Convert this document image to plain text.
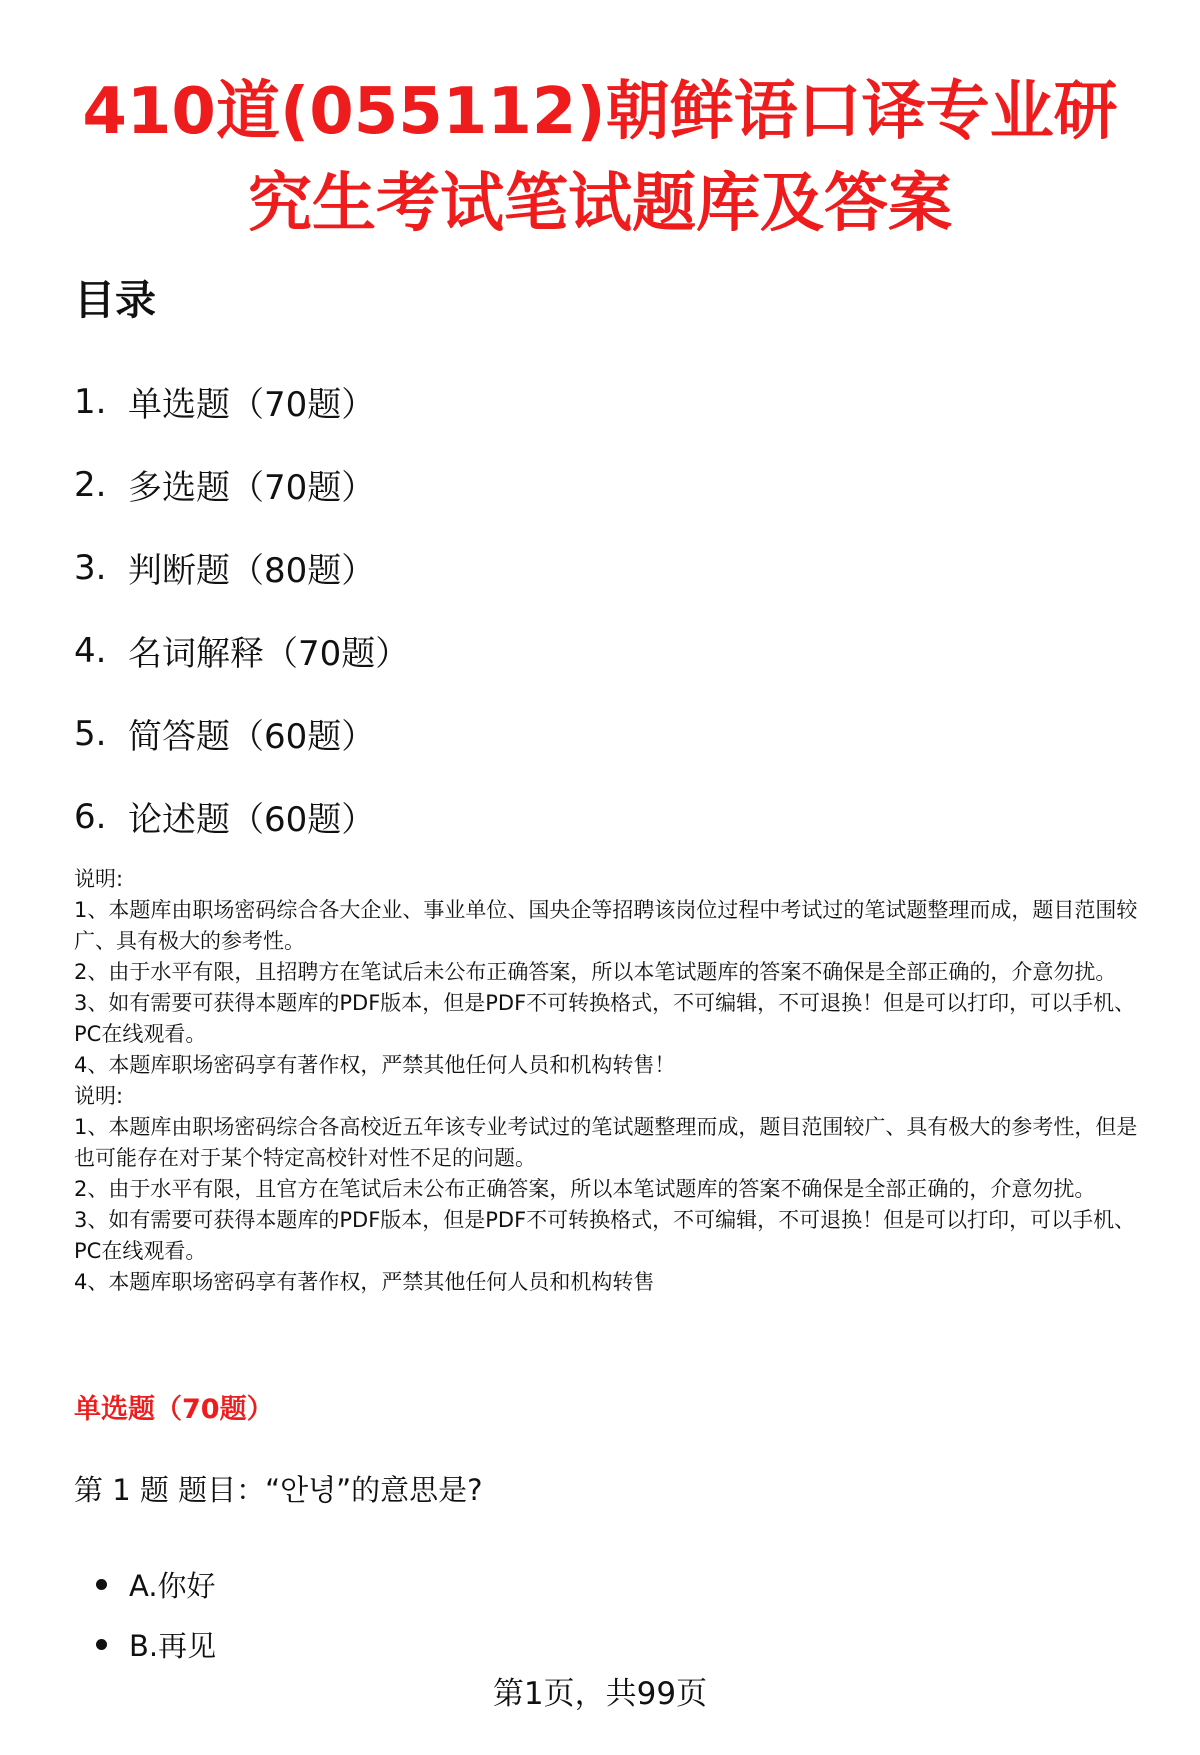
410道(055112)朝鲜语口译专业研究生考试笔试题库及答案
目录
1. 单选题（70题）
2. 多选题（70题）
3. 判断题（80题）
4. 名词解释（70题）
5. 简答题（60题）
6. 论述题（60题）

说明:

1、本题库由职场密码综合各大企业、事业单位、国央企等招聘该岗位过程中考试过的笔试题整理而成，题目范围较广、具有极大的参考性。

2、由于水平有限，且招聘方在笔试后未公布正确答案，所以本笔试题库的答案不确保是全部正确的，介意勿扰。

3、如有需要可获得本题库的PDF版本，但是PDF不可转换格式，不可编辑，不可退换！但是可以打印，可以手机、PC在线观看。

4、本题库职场密码享有著作权，严禁其他任何人员和机构转售！

说明:

1、本题库由职场密码综合各高校近五年该专业考试过的笔试题整理而成，题目范围较广、具有极大的参考性，但是也可能存在对于某个特定高校针对性不足的问题。

2、由于水平有限，且官方在笔试后未公布正确答案，所以本笔试题库的答案不确保是全部正确的，介意勿扰。

3、如有需要可获得本题库的PDF版本，但是PDF不可转换格式，不可编辑，不可退换！但是可以打印，可以手机、PC在线观看。

4、本题库职场密码享有著作权，严禁其他任何人员和机构转售

单选题（70题）

第 1 题 题目：“안녕”的意思是?

A.你好
B.再见
第1页，共99页
